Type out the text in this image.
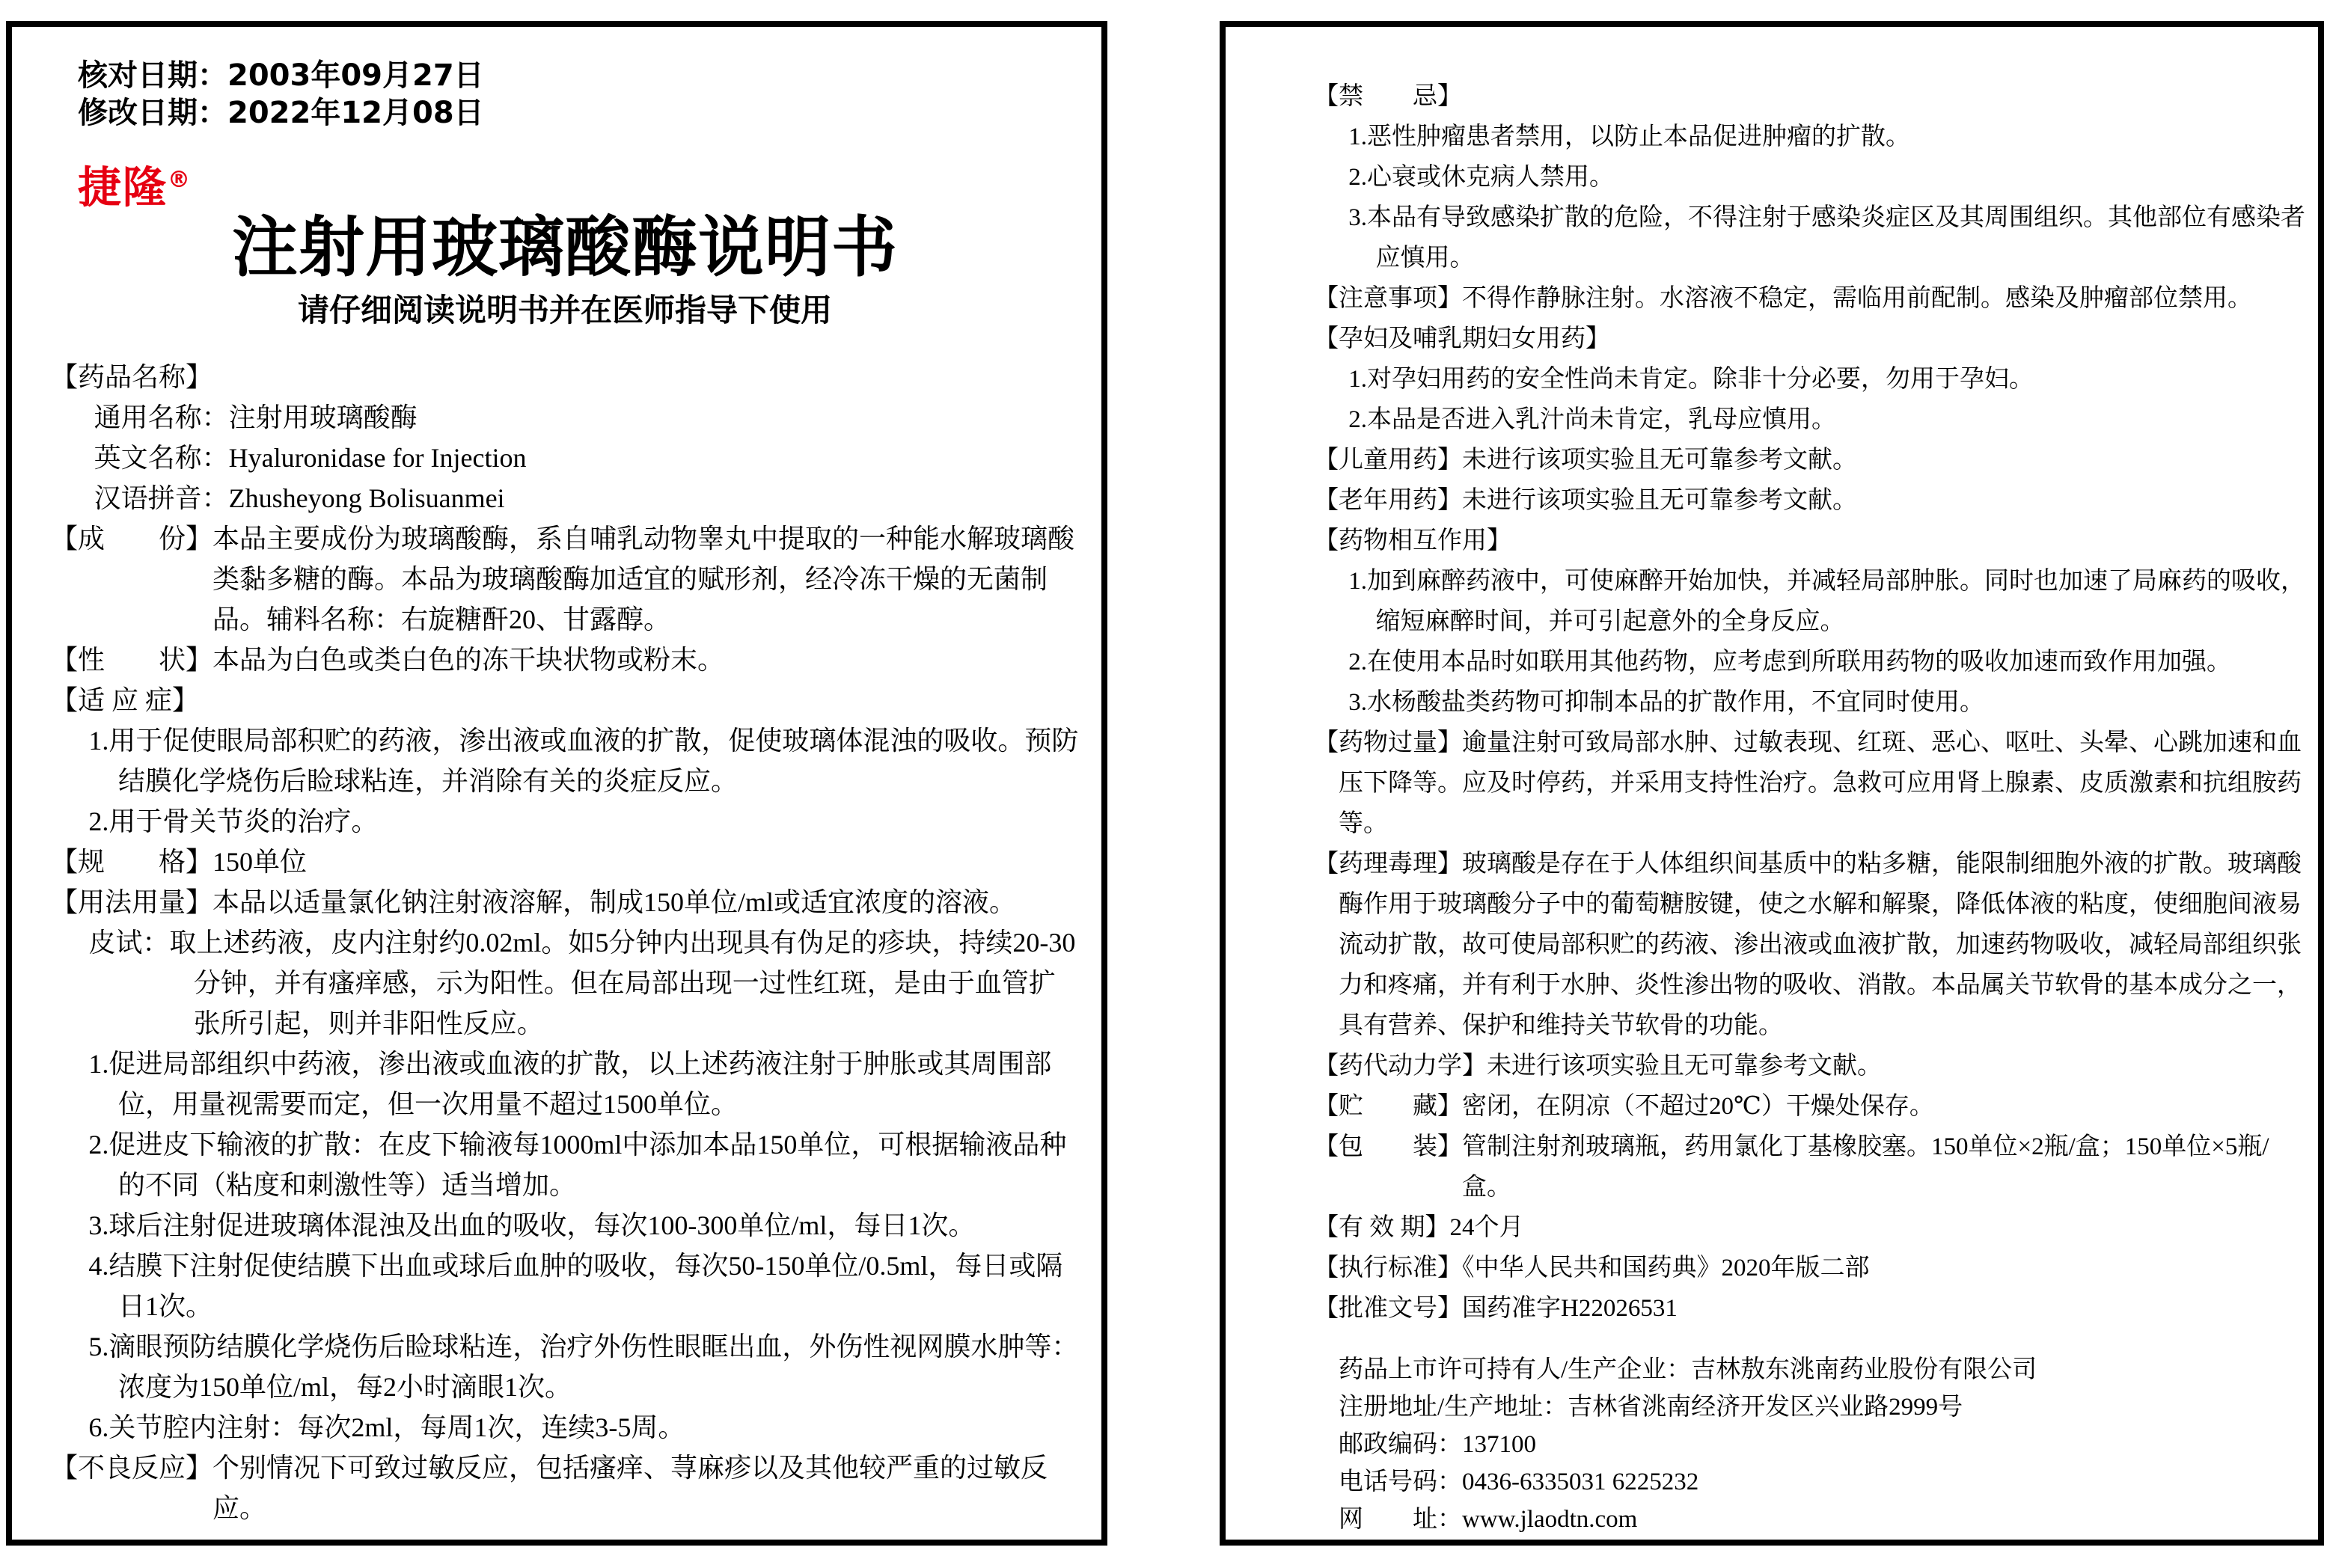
核对日期：2003年09月27日
修改日期：2022年12月08日
捷隆®
注射用玻璃酸酶说明书
请仔细阅读说明书并在医师指导下使用
【药品名称】
通用名称：注射用玻璃酸酶
英文名称：Hyaluronidase for Injection
汉语拼音：Zhusheyong Bolisuanmei
【成　　份】本品主要成份为玻璃酸酶，系自哺乳动物睾丸中提取的一种能水解玻璃酸类黏多糖的酶。本品为玻璃酸酶加适宜的赋形剂，经冷冻干燥的无菌制品。辅料名称：右旋糖酐20、甘露醇。
【性　　状】本品为白色或类白色的冻干块状物或粉末。
【适 应 症】
1.用于促使眼局部积贮的药液，渗出液或血液的扩散，促使玻璃体混浊的吸收。预防结膜化学烧伤后睑球粘连，并消除有关的炎症反应。
2.用于骨关节炎的治疗。
【规　　格】150单位
【用法用量】本品以适量氯化钠注射液溶解，制成150单位/ml或适宜浓度的溶液。
皮试：取上述药液，皮内注射约0.02ml。如5分钟内出现具有伪足的疹块，持续20-30分钟，并有瘙痒感，示为阳性。但在局部出现一过性红斑，是由于血管扩张所引起，则并非阳性反应。
1.促进局部组织中药液，渗出液或血液的扩散，以上述药液注射于肿胀或其周围部位，用量视需要而定，但一次用量不超过1500单位。
2.促进皮下输液的扩散：在皮下输液每1000ml中添加本品150单位，可根据输液品种的不同（粘度和刺激性等）适当增加。
3.球后注射促进玻璃体混浊及出血的吸收，每次100-300单位/ml，每日1次。
4.结膜下注射促使结膜下出血或球后血肿的吸收，每次50-150单位/0.5ml，每日或隔日1次。
5.滴眼预防结膜化学烧伤后睑球粘连，治疗外伤性眼眶出血，外伤性视网膜水肿等：浓度为150单位/ml，每2小时滴眼1次。
6.关节腔内注射：每次2ml，每周1次，连续3-5周。
【不良反应】个别情况下可致过敏反应，包括瘙痒、荨麻疹以及其他较严重的过敏反应。
【禁　　忌】
1.恶性肿瘤患者禁用，以防止本品促进肿瘤的扩散。
2.心衰或休克病人禁用。
3.本品有导致感染扩散的危险，不得注射于感染炎症区及其周围组织。其他部位有感染者应慎用。
【注意事项】不得作静脉注射。水溶液不稳定，需临用前配制。感染及肿瘤部位禁用。
【孕妇及哺乳期妇女用药】
1.对孕妇用药的安全性尚未肯定。除非十分必要，勿用于孕妇。
2.本品是否进入乳汁尚未肯定，乳母应慎用。
【儿童用药】未进行该项实验且无可靠参考文献。
【老年用药】未进行该项实验且无可靠参考文献。
【药物相互作用】
1.加到麻醉药液中，可使麻醉开始加快，并减轻局部肿胀。同时也加速了局麻药的吸收，缩短麻醉时间，并可引起意外的全身反应。
2.在使用本品时如联用其他药物，应考虑到所联用药物的吸收加速而致作用加强。
3.水杨酸盐类药物可抑制本品的扩散作用，不宜同时使用。
【药物过量】逾量注射可致局部水肿、过敏表现、红斑、恶心、呕吐、头晕、心跳加速和血压下降等。应及时停药，并采用支持性治疗。急救可应用肾上腺素、皮质激素和抗组胺药等。
【药理毒理】玻璃酸是存在于人体组织间基质中的粘多糖，能限制细胞外液的扩散。玻璃酸酶作用于玻璃酸分子中的葡萄糖胺键，使之水解和解聚，降低体液的粘度，使细胞间液易流动扩散，故可使局部积贮的药液、渗出液或血液扩散，加速药物吸收，减轻局部组织张力和疼痛，并有利于水肿、炎性渗出物的吸收、消散。本品属关节软骨的基本成分之一，具有营养、保护和维持关节软骨的功能。
【药代动力学】未进行该项实验且无可靠参考文献。
【贮　　藏】密闭，在阴凉（不超过20℃）干燥处保存。
【包　　装】管制注射剂玻璃瓶，药用氯化丁基橡胶塞。150单位×2瓶/盒；150单位×5瓶/盒。
【有 效 期】24个月
【执行标准】《中华人民共和国药典》2020年版二部
【批准文号】国药准字H22026531
药品上市许可持有人/生产企业：吉林敖东洮南药业股份有限公司
注册地址/生产地址：吉林省洮南经济开发区兴业路2999号
邮政编码：137100
电话号码：0436-6335031 6225232
网　　址：www.jlaodtn.com
